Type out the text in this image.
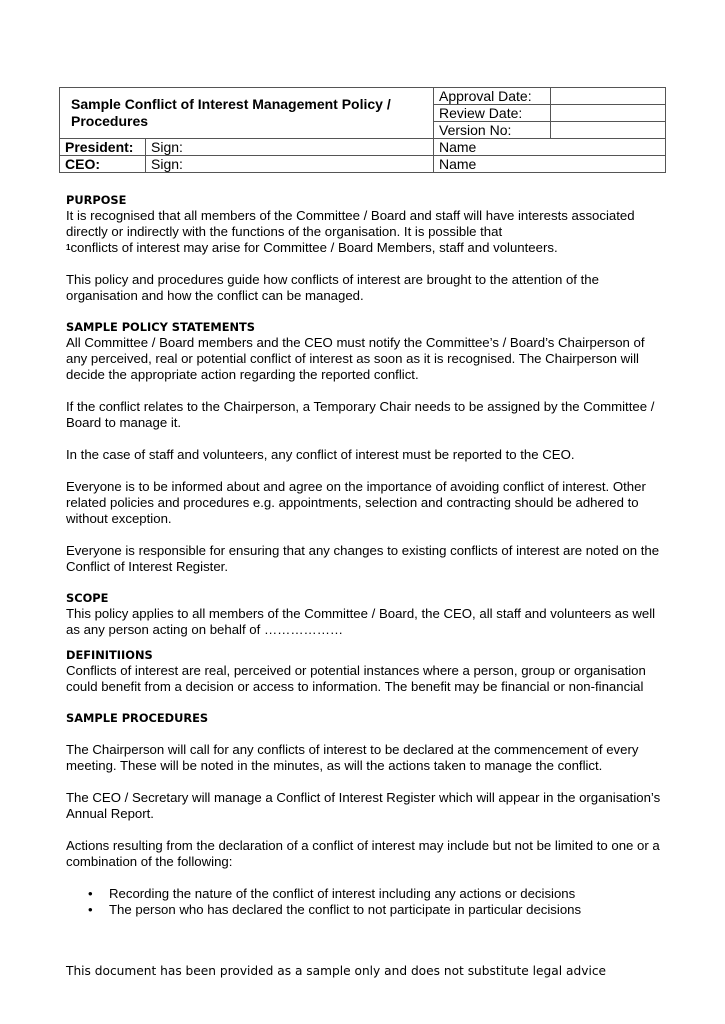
Sample Conflict of Interest Management Policy / Procedures		Approval Date:	
		Review Date:	
		Version No:	
President:	Sign:	Name	
CEO:	Sign:	Name	
PURPOSE

It is recognised that all members of the Committee / Board and staff will have interests associated directly or indirectly with the functions of the organisation. It is possible that
$^1$conflicts of interest may arise for Committee / Board Members, staff and volunteers.

This policy and procedures guide how conflicts of interest are brought to the attention of the organisation and how the conflict can be managed.

SAMPLE POLICY STATEMENTS

All Committee / Board members and the CEO must notify the Committee’s / Board’s Chairperson of any perceived, real or potential conflict of interest as soon as it is recognised. The Chairperson will decide the appropriate action regarding the reported conflict.

If the conflict relates to the Chairperson, a Temporary Chair needs to be assigned by the Committee / Board to manage it.

In the case of staff and volunteers, any conflict of interest must be reported to the CEO.

Everyone is to be informed about and agree on the importance of avoiding conflict of interest. Other related policies and procedures e.g. appointments, selection and contracting should be adhered to without exception.

Everyone is responsible for ensuring that any changes to existing conflicts of interest are noted on the Conflict of Interest Register.

SCOPE

This policy applies to all members of the Committee / Board, the CEO, all staff and volunteers as well as any person acting on behalf of ………………

DEFINITIIONS

Conflicts of interest are real, perceived or potential instances where a person, group or organisation could benefit from a decision or access to information. The benefit may be financial or non-financial

SAMPLE PROCEDURES

The Chairperson will call for any conflicts of interest to be declared at the commencement of every meeting. These will be noted in the minutes, as will the actions taken to manage the conflict.

The CEO / Secretary will manage a Conflict of Interest Register which will appear in the organisation’s Annual Report.

Actions resulting from the declaration of a conflict of interest may include but not be limited to one or a combination of the following:

• Recording the nature of the conflict of interest including any actions or decisions
• The person who has declared the conflict to not participate in particular decisions
This document has been provided as a sample only and does not substitute legal advice
